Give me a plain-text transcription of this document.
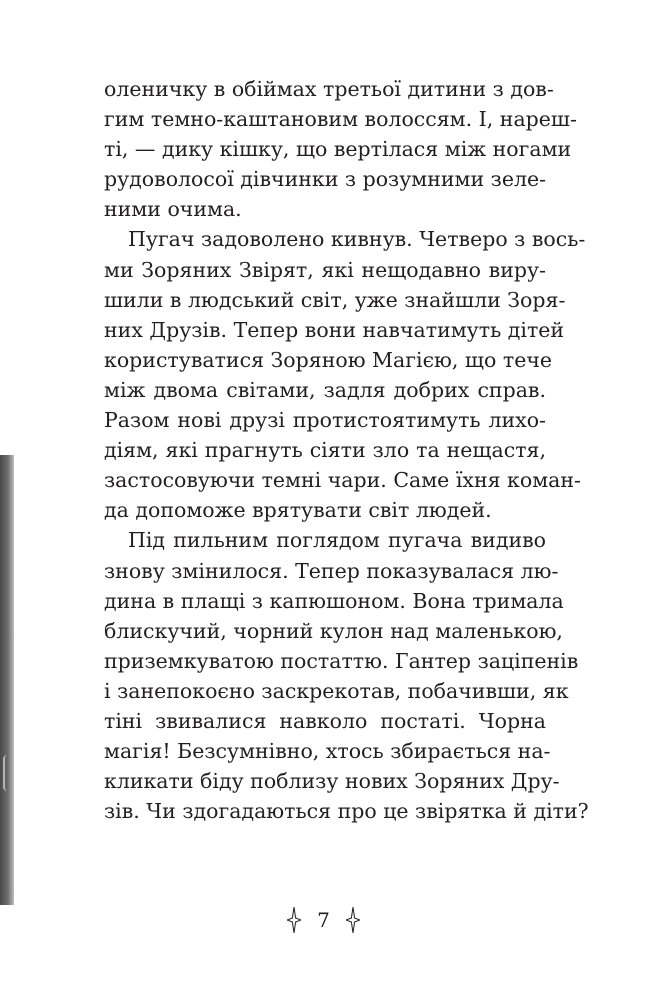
оленичку в обіймах третьої дитини з дов-
гим темно-каштановим волоссям. І, нареш-
ті, — дику кішку, що вертілася між ногами
рудоволосої дівчинки з розумними зеле-
ними очима.
Пугач задоволено кивнув. Четверо з вось-
ми Зоряних Звірят, які нещодавно виру-
шили в людський світ, уже знайшли Зоря-
них Друзів. Тепер вони навчатимуть дітей
користуватися Зоряною Магією, що тече
між двома світами, задля добрих справ.
Разом нові друзі протистоятимуть лихо-
діям, які прагнуть сіяти зло та нещастя,
застосовуючи темні чари. Саме їхня коман-
да допоможе врятувати світ людей.
Під пильним поглядом пугача видиво
знову змінилося. Тепер показувалася лю-
дина в плащі з капюшоном. Вона тримала
блискучий, чорний кулон над маленькою,
приземкуватою постаттю. Гантер заціпенів
і занепокоєно заскрекотав, побачивши, як
тіні звивалися навколо постаті. Чорна
магія! Безсумнівно, хтось збирається на-
кликати біду поблизу нових Зоряних Дру-
зів. Чи здогадаються про це звірятка й діти?
7
